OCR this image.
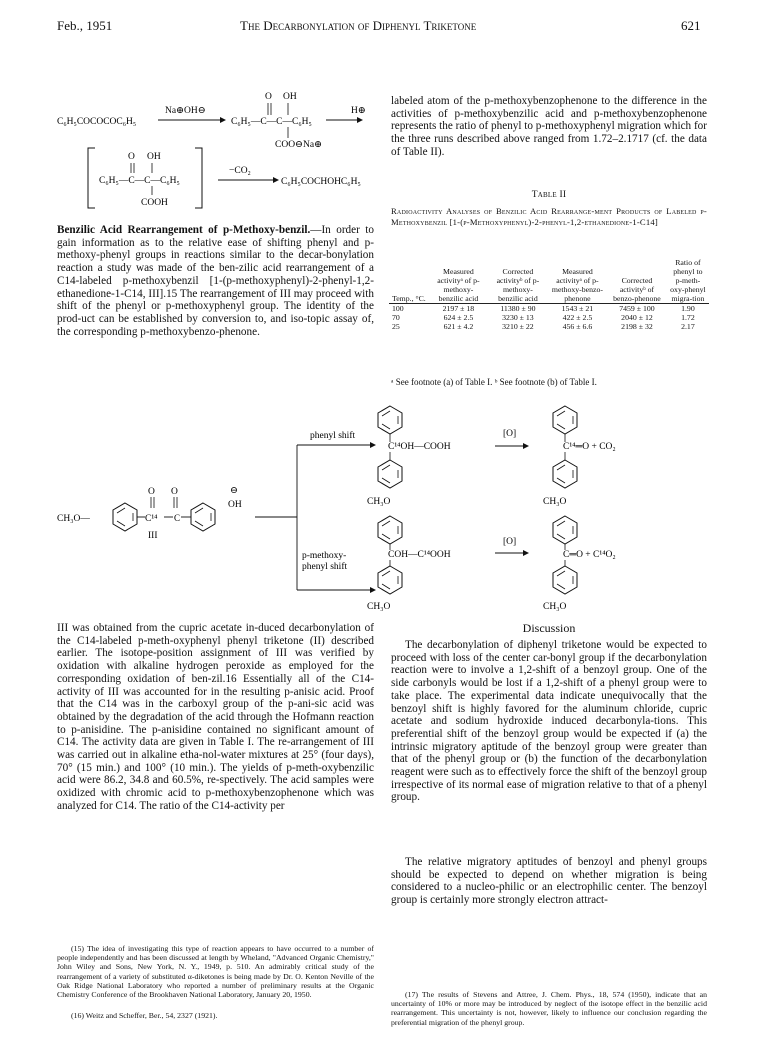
Feb., 1951	The Decarbonylation of Diphenyl Triketone	621
C₆H₅COCOCOC₆H₅
Na⊕OH⊖
C₆H₅—C—C—C₆H₅
O OH
COO⊖Na⊕
H⊕
O OH
C₆H₅—C—C—C₆H₅
COOH
−CO₂
C₆H₅COCHOHC₆H₅
Benzilic Acid Rearrangement of p-Methoxy-benzil.—In order to gain information as to the relative ease of shifting phenyl and p-methoxy-phenyl groups in reactions similar to the decar-bonylation reaction a study was made of the ben-zilic acid rearrangement of a C14-labeled p-methoxybenzil [1-(p-methoxyphenyl)-2-phenyl-1,2-ethanedione-1-C14, III].15 The rearrangement of III may proceed with shift of the phenyl or p-methoxyphenyl group. The identity of the prod-uct can be established by conversion to, and iso-topic assay of, the corresponding p-methoxybenzo-phenone.
labeled atom of the p-methoxybenzophenone to the difference in the activities of p-methoxybenzilic acid and p-methoxybenzophenone represents the ratio of phenyl to p-methoxyphenyl migration which for the three runs described above ranged from 1.72–2.1717 (cf. the data of Table II).
Table II
Radioactivity Analyses of Benzilic Acid Rearrange-ment Products of Labeled p-Methoxybenzil [1-(p-Methoxyphenyl)-2-phenyl-1,2-ethanedione-1-C14]
Temp., °C.	Measured activityᵃ of p-methoxy-benzilic acid	Corrected activityᵇ of p-methoxy-benzilic acid	Measured activityᵃ of p-methoxy-benzo-phenone	Corrected activityᵇ of benzo-phenone	Ratio of phenyl to p-meth-oxy-phenyl migra-tion
100	2197 ± 18	11380 ± 90	1543 ± 21	7459 ± 100	1.90
70	624 ± 2.5	3230 ± 13	422 ± 2.5	2040 ± 12	1.72
25	621 ± 4.2	3210 ± 22	456 ± 6.6	2198 ± 32	2.17
ᵃ See footnote (a) of Table I. ᵇ See footnote (b) of Table I.
CH₃O—	C¹⁴ C
O O	⊖
OH
III
phenyl shift
p-methoxy-
phenyl shift
C¹⁴OH—COOH
CH₃O
[O]
C¹⁴═O + CO₂
CH₃O
COH—C¹⁴OOH
CH₃O
[O]
C═O + C¹⁴O₂
CH₃O
III was obtained from the cupric acetate in-duced decarbonylation of the C14-labeled p-meth-oxyphenyl phenyl triketone (II) described earlier. The isotope-position assignment of III was verified by oxidation with alkaline hydrogen peroxide as employed for the corresponding oxidation of ben-zil.16 Essentially all of the C14-activity of III was accounted for in the resulting p-anisic acid. Proof that the C14 was in the carboxyl group of the p-ani-sic acid was obtained by the degradation of the acid through the Hofmann reaction to p-anisidine. The p-anisidine contained no significant amount of C14. The activity data are given in Table I. The re-arrangement of III was carried out in alkaline etha-nol-water mixtures at 25° (four days), 70° (15 min.) and 100° (10 min.). The yields of p-meth-oxybenzilic acid were 86.2, 34.8 and 60.5%, re-spectively. The acid samples were oxidized with chromic acid to p-methoxybenzophenone which was analyzed for C14. The ratio of the C14-activity per
(15) The idea of investigating this type of reaction appears to have occurred to a number of people independently and has been discussed at length by Wheland, "Advanced Organic Chemistry," John Wiley and Sons, New York, N. Y., 1949, p. 510. An admirably critical study of the rearrangement of a variety of substituted α-diketones is being made by Dr. O. Kenton Neville of the Oak Ridge National Laboratory who reported a number of preliminary results at the Organic Chemistry Conference of the Brookhaven National Laboratory, January 20, 1950.
(16) Weitz and Scheffer, Ber., 54, 2327 (1921).
Discussion
The decarbonylation of diphenyl triketone would be expected to proceed with loss of the center car-bonyl group if the decarbonylation reaction were to involve a 1,2-shift of a benzoyl group. One of the side carbonyls would be lost if a 1,2-shift of a phenyl group were to take place. The experimental data indicate unequivocally that the benzoyl shift is highly favored for the aluminum chloride, cupric acetate and sodium hydroxide induced decarbonyla-tions. This preferential shift of the benzoyl group would be expected if (a) the intrinsic migratory aptitude of the benzoyl group were greater than that of the phenyl group or (b) the function of the decarbonylation reagent were such as to effectively force the shift of the benzoyl group irrespective of its normal ease of migration relative to that of a phenyl group.
The relative migratory aptitudes of benzoyl and phenyl groups should be expected to depend on whether migration is being considered to a nucleo-philic or an electrophilic center. The benzoyl group is certainly more strongly electron attract-
(17) The results of Stevens and Attree, J. Chem. Phys., 18, 574 (1950), indicate that an uncertainty of 10% or more may be introduced by neglect of the isotope effect in the benzilic acid rearrangement. This uncertainty is not, however, likely to influence our conclusion regarding the preferential migration of the phenyl group.
